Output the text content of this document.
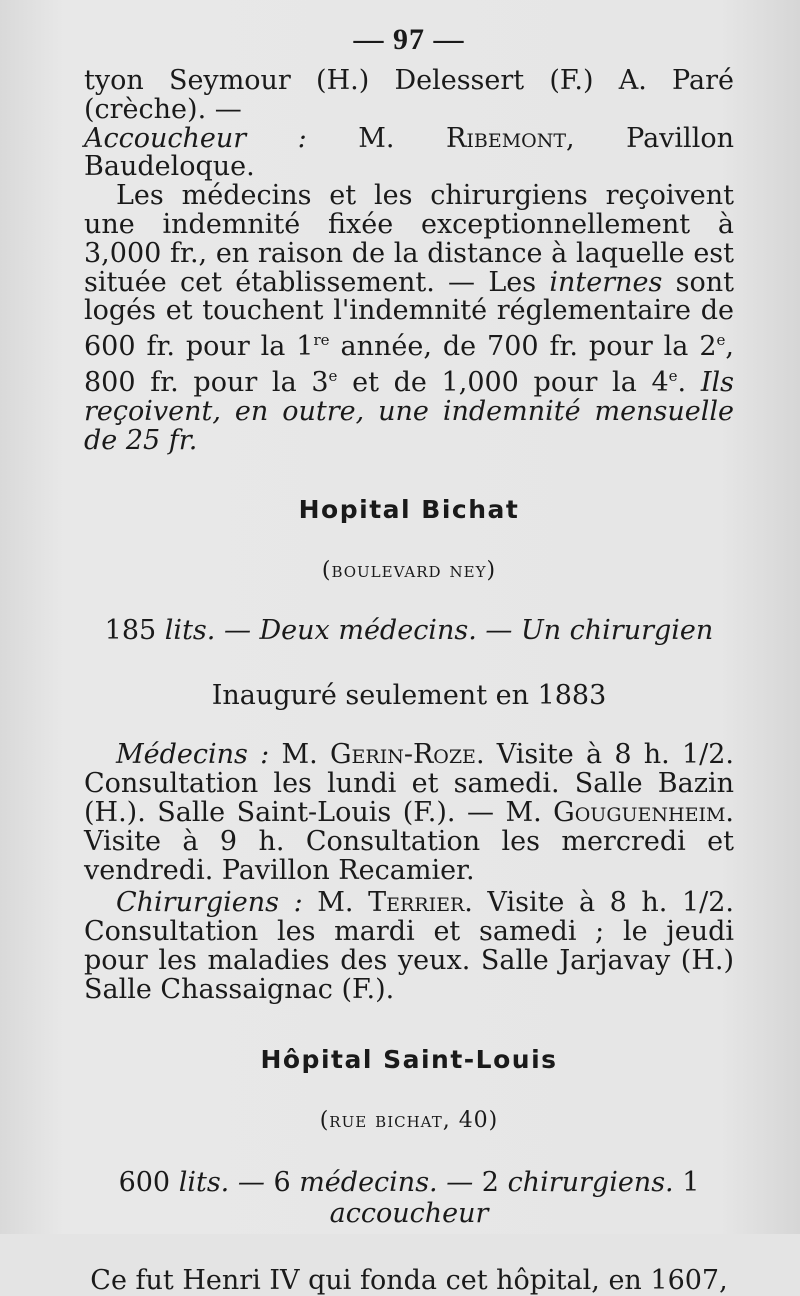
— 97 —

tyon Seymour (H.) Delessert (F.) A. Paré (crèche). —
Accoucheur : M. Ribemont, Pavillon Baudeloque.

Les médecins et les chirurgiens reçoivent une indemnité fixée exceptionnellement à 3,000 fr., en raison de la distance à laquelle est située cet établissement. — Les internes sont logés et touchent l'indemnité réglementaire de 600 fr. pour la 1re année, de 700 fr. pour la 2e, 800 fr. pour la 3e et de 1,000 pour la 4e. Ils reçoivent, en outre, une indemnité mensuelle de 25 fr.

Hopital Bichat

(boulevard ney)

185 lits. — Deux médecins. — Un chirurgien

Inauguré seulement en 1883

Médecins : M. Gerin-Roze. Visite à 8 h. 1/2. Consultation les lundi et samedi. Salle Bazin (H.). Salle Saint-Louis (F.). — M. Gouguenheim. Visite à 9 h. Consultation les mercredi et vendredi. Pavillon Recamier.

Chirurgiens : M. Terrier. Visite à 8 h. 1/2. Consultation les mardi et samedi ; le jeudi pour les maladies des yeux. Salle Jarjavay (H.) Salle Chassaignac (F.).

Hôpital Saint-Louis

(rue bichat, 40)

600 lits. — 6 médecins. — 2 chirurgiens. 1 accoucheur

Ce fut Henri IV qui fonda cet hôpital, en 1607,
